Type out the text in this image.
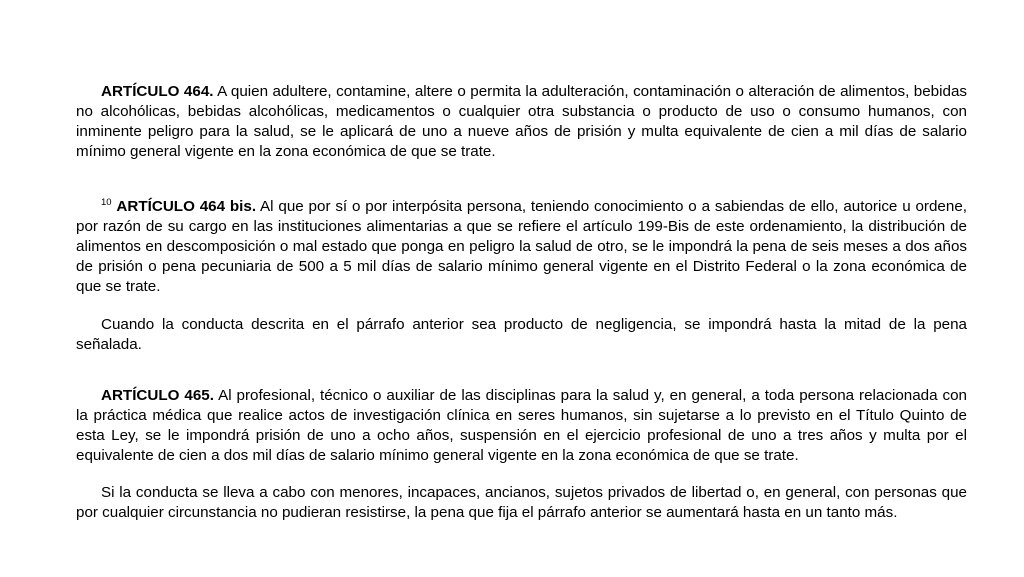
ARTÍCULO 464. A quien adultere, contamine, altere o permita la adulteración, contaminación o alteración de alimentos, bebidas no alcohólicas, bebidas alcohólicas, medicamentos o cualquier otra substancia o producto de uso o consumo humanos, con inminente peligro para la salud, se le aplicará de uno a nueve años de prisión y multa equivalente de cien a mil días de salario mínimo general vigente en la zona económica de que se trate.

$^{10}$ ARTÍCULO 464 bis. Al que por sí o por interpósita persona, teniendo conocimiento o a sabiendas de ello, autorice u ordene, por razón de su cargo en las instituciones alimentarias a que se refiere el artículo 199-Bis de este ordenamiento, la distribución de alimentos en descomposición o mal estado que ponga en peligro la salud de otro, se le impondrá la pena de seis meses a dos años de prisión o pena pecuniaria de 500 a 5 mil días de salario mínimo general vigente en el Distrito Federal o la zona económica de que se trate.

Cuando la conducta descrita en el párrafo anterior sea producto de negligencia, se impondrá hasta la mitad de la pena señalada.

ARTÍCULO 465. Al profesional, técnico o auxiliar de las disciplinas para la salud y, en general, a toda persona relacionada con la práctica médica que realice actos de investigación clínica en seres humanos, sin sujetarse a lo previsto en el Título Quinto de esta Ley, se le impondrá prisión de uno a ocho años, suspensión en el ejercicio profesional de uno a tres años y multa por el equivalente de cien a dos mil días de salario mínimo general vigente en la zona económica de que se trate.

Si la conducta se lleva a cabo con menores, incapaces, ancianos, sujetos privados de libertad o, en general, con personas que por cualquier circunstancia no pudieran resistirse, la pena que fija el párrafo anterior se aumentará hasta en un tanto más.
